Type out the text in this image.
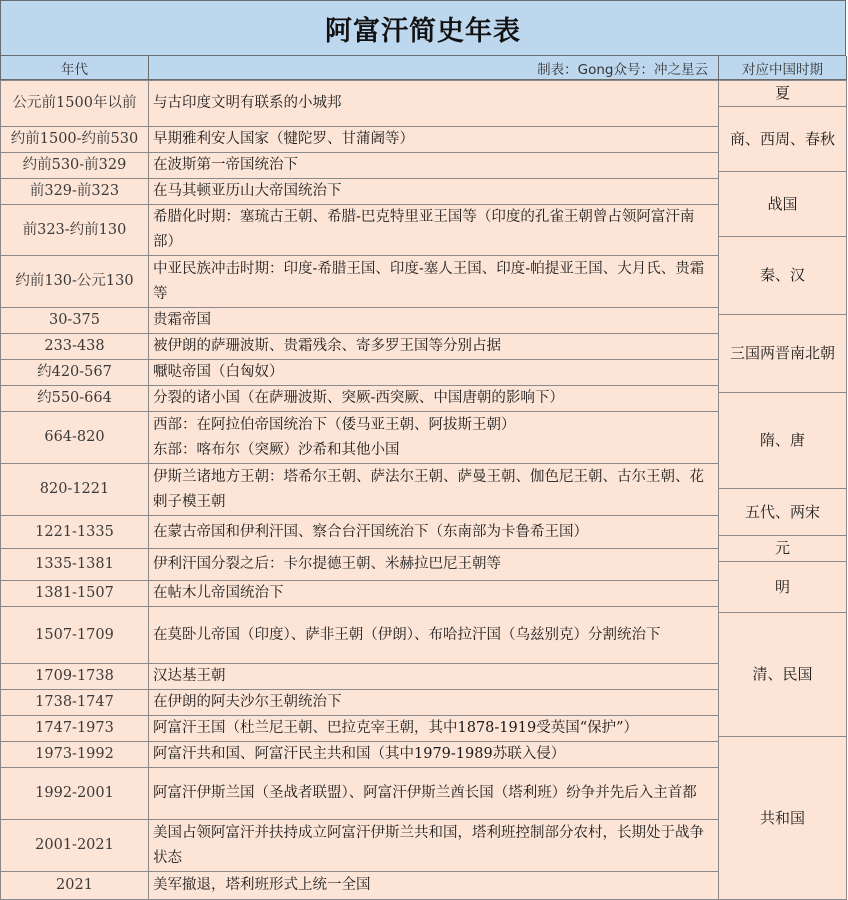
阿富汗简史年表
年代	制表：Gong众号：冲之星云	对应中国时期
公元前1500年以前
约前1500-约前530
约前530-前329
前329-前323
前323-约前130
约前130-公元130
30-375
233-438
约420-567
约550-664
664-820
820-1221
1221-1335
1335-1381
1381-1507
1507-1709
1709-1738
1738-1747
1747-1973
1973-1992
1992-2001
2001-2021
2021
与古印度文明有联系的小城邦
早期雅利安人国家（犍陀罗、甘蒲阇等）
在波斯第一帝国统治下
在马其顿亚历山大帝国统治下
希腊化时期：塞琉古王朝、希腊-巴克特里亚王国等（印度的孔雀王朝曾占领阿富汗南部）
中亚民族冲击时期：印度-希腊王国、印度-塞人王国、印度-帕提亚王国、大月氏、贵霜等
贵霜帝国
被伊朗的萨珊波斯、贵霜残余、寄多罗王国等分别占据
嚈哒帝国（白匈奴）
分裂的诸小国（在萨珊波斯、突厥-西突厥、中国唐朝的影响下）
西部：在阿拉伯帝国统治下（倭马亚王朝、阿拔斯王朝）
东部：喀布尔（突厥）沙希和其他小国
伊斯兰诸地方王朝：塔希尔王朝、萨法尔王朝、萨曼王朝、伽色尼王朝、古尔王朝、花剌子模王朝
在蒙古帝国和伊利汗国、察合台汗国统治下（东南部为卡鲁希王国）
伊利汗国分裂之后：卡尔提德王朝、米赫拉巴尼王朝等
在帖木儿帝国统治下
在莫卧儿帝国（印度）、萨非王朝（伊朗）、布哈拉汗国（乌兹别克）分割统治下
汉达基王朝
在伊朗的阿夫沙尔王朝统治下
阿富汗王国（杜兰尼王朝、巴拉克宰王朝，其中1878-1919受英国“保护”）
阿富汗共和国、阿富汗民主共和国（其中1979-1989苏联入侵）
阿富汗伊斯兰国（圣战者联盟）、阿富汗伊斯兰酋长国（塔利班）纷争并先后入主首都
美国占领阿富汗并扶持成立阿富汗伊斯兰共和国，塔利班控制部分农村，长期处于战争状态
美军撤退，塔利班形式上统一全国
夏
商、西周、春秋
战国
秦、汉
三国两晋南北朝
隋、唐
五代、两宋
元
明
清、民国
共和国
